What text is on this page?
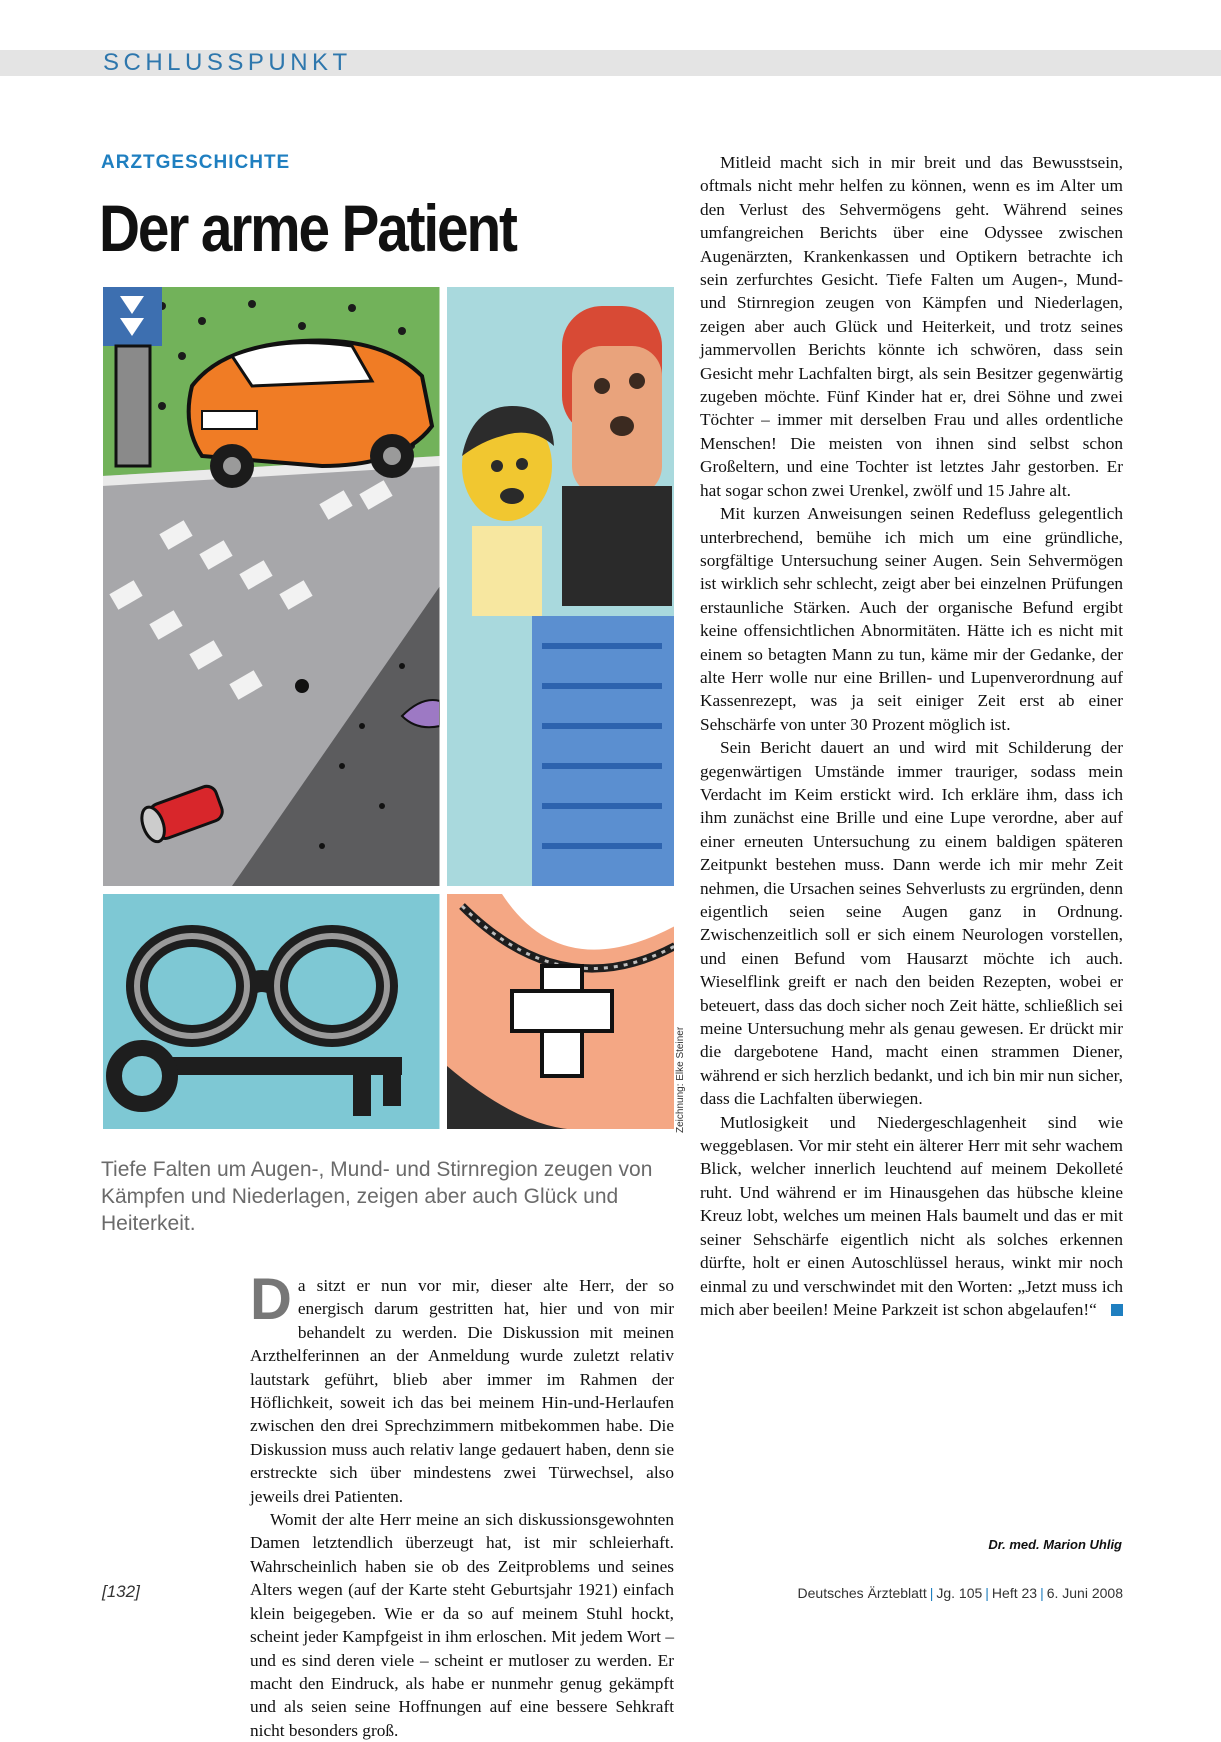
SCHLUSSPUNKT
ARZTGESCHICHTE
Der arme Patient
Zeichnung: Elke Steiner
Tiefe Falten um Augen-, Mund- und Stirnregion zeugen von Kämpfen und Niederlagen, zeigen aber auch Glück und Heiterkeit.

Da sitzt er nun vor mir, dieser alte Herr, der so energisch darum gestritten hat, hier und von mir behandelt zu werden. Die Diskussion mit meinen Arzthelferinnen an der Anmeldung wurde zuletzt relativ lautstark geführt, blieb aber immer im Rahmen der Höflichkeit, soweit ich das bei meinem Hin-und-Herlaufen zwischen den drei Sprechzimmern mitbekommen habe. Die Diskussion muss auch relativ lange gedauert haben, denn sie erstreckte sich über mindestens zwei Türwechsel, also jeweils drei Patienten.

Womit der alte Herr meine an sich diskussionsgewohnten Damen letztendlich überzeugt hat, ist mir schleierhaft. Wahrscheinlich haben sie ob des Zeitproblems und seines Alters wegen (auf der Karte steht Geburtsjahr 1921) einfach klein beigegeben. Wie er da so auf meinem Stuhl hockt, scheint jeder Kampfgeist in ihm erloschen. Mit jedem Wort – und es sind deren viele – scheint er mutloser zu werden. Er macht den Eindruck, als habe er nunmehr genug gekämpft und als seien seine Hoffnungen auf eine bessere Sehkraft nicht besonders groß.

Mitleid macht sich in mir breit und das Bewusstsein, oftmals nicht mehr helfen zu können, wenn es im Alter um den Verlust des Sehvermögens geht. Während seines umfangreichen Berichts über eine Odyssee zwischen Augenärzten, Krankenkassen und Optikern betrachte ich sein zerfurchtes Gesicht. Tiefe Falten um Augen-, Mund- und Stirnregion zeugen von Kämpfen und Niederlagen, zeigen aber auch Glück und Heiterkeit, und trotz seines jammervollen Berichts könnte ich schwören, dass sein Gesicht mehr Lachfalten birgt, als sein Besitzer gegenwärtig zugeben möchte. Fünf Kinder hat er, drei Söhne und zwei Töchter – immer mit derselben Frau und alles ordentliche Menschen! Die meisten von ihnen sind selbst schon Großeltern, und eine Tochter ist letztes Jahr gestorben. Er hat sogar schon zwei Urenkel, zwölf und 15 Jahre alt.

Mit kurzen Anweisungen seinen Redefluss gelegentlich unterbrechend, bemühe ich mich um eine gründliche, sorgfältige Untersuchung seiner Augen. Sein Sehvermögen ist wirklich sehr schlecht, zeigt aber bei einzelnen Prüfungen erstaunliche Stärken. Auch der organische Befund ergibt keine offensichtlichen Abnormitäten. Hätte ich es nicht mit einem so betagten Mann zu tun, käme mir der Gedanke, der alte Herr wolle nur eine Brillen- und Lupenverordnung auf Kassenrezept, was ja seit einiger Zeit erst ab einer Sehschärfe von unter 30 Prozent möglich ist.

Sein Bericht dauert an und wird mit Schilderung der gegenwärtigen Umstände immer trauriger, sodass mein Verdacht im Keim erstickt wird. Ich erkläre ihm, dass ich ihm zunächst eine Brille und eine Lupe verordne, aber auf einer erneuten Untersuchung zu einem baldigen späteren Zeitpunkt bestehen muss. Dann werde ich mir mehr Zeit nehmen, die Ursachen seines Sehverlusts zu ergründen, denn eigentlich seien seine Augen ganz in Ordnung. Zwischenzeitlich soll er sich einem Neurologen vorstellen, und einen Befund vom Hausarzt möchte ich auch. Wieselflink greift er nach den beiden Rezepten, wobei er beteuert, dass das doch sicher noch Zeit hätte, schließlich sei meine Untersuchung mehr als genau gewesen. Er drückt mir die dargebotene Hand, macht einen strammen Diener, während er sich herzlich bedankt, und ich bin mir nun sicher, dass die Lachfalten überwiegen.

Mutlosigkeit und Niedergeschlagenheit sind wie weggeblasen. Vor mir steht ein älterer Herr mit sehr wachem Blick, welcher innerlich leuchtend auf meinem Dekolleté ruht. Und während er im Hinausgehen das hübsche kleine Kreuz lobt, welches um meinen Hals baumelt und das er mit seiner Sehschärfe eigentlich nicht als solches erkennen dürfte, holt er einen Autoschlüssel heraus, winkt mir noch einmal zu und verschwindet mit den Worten: „Jetzt muss ich mich aber beeilen! Meine Parkzeit ist schon abgelaufen!“

Dr. med. Marion Uhlig
[132]	Deutsches Ärzteblatt | Jg. 105 | Heft 23 | 6. Juni 2008
